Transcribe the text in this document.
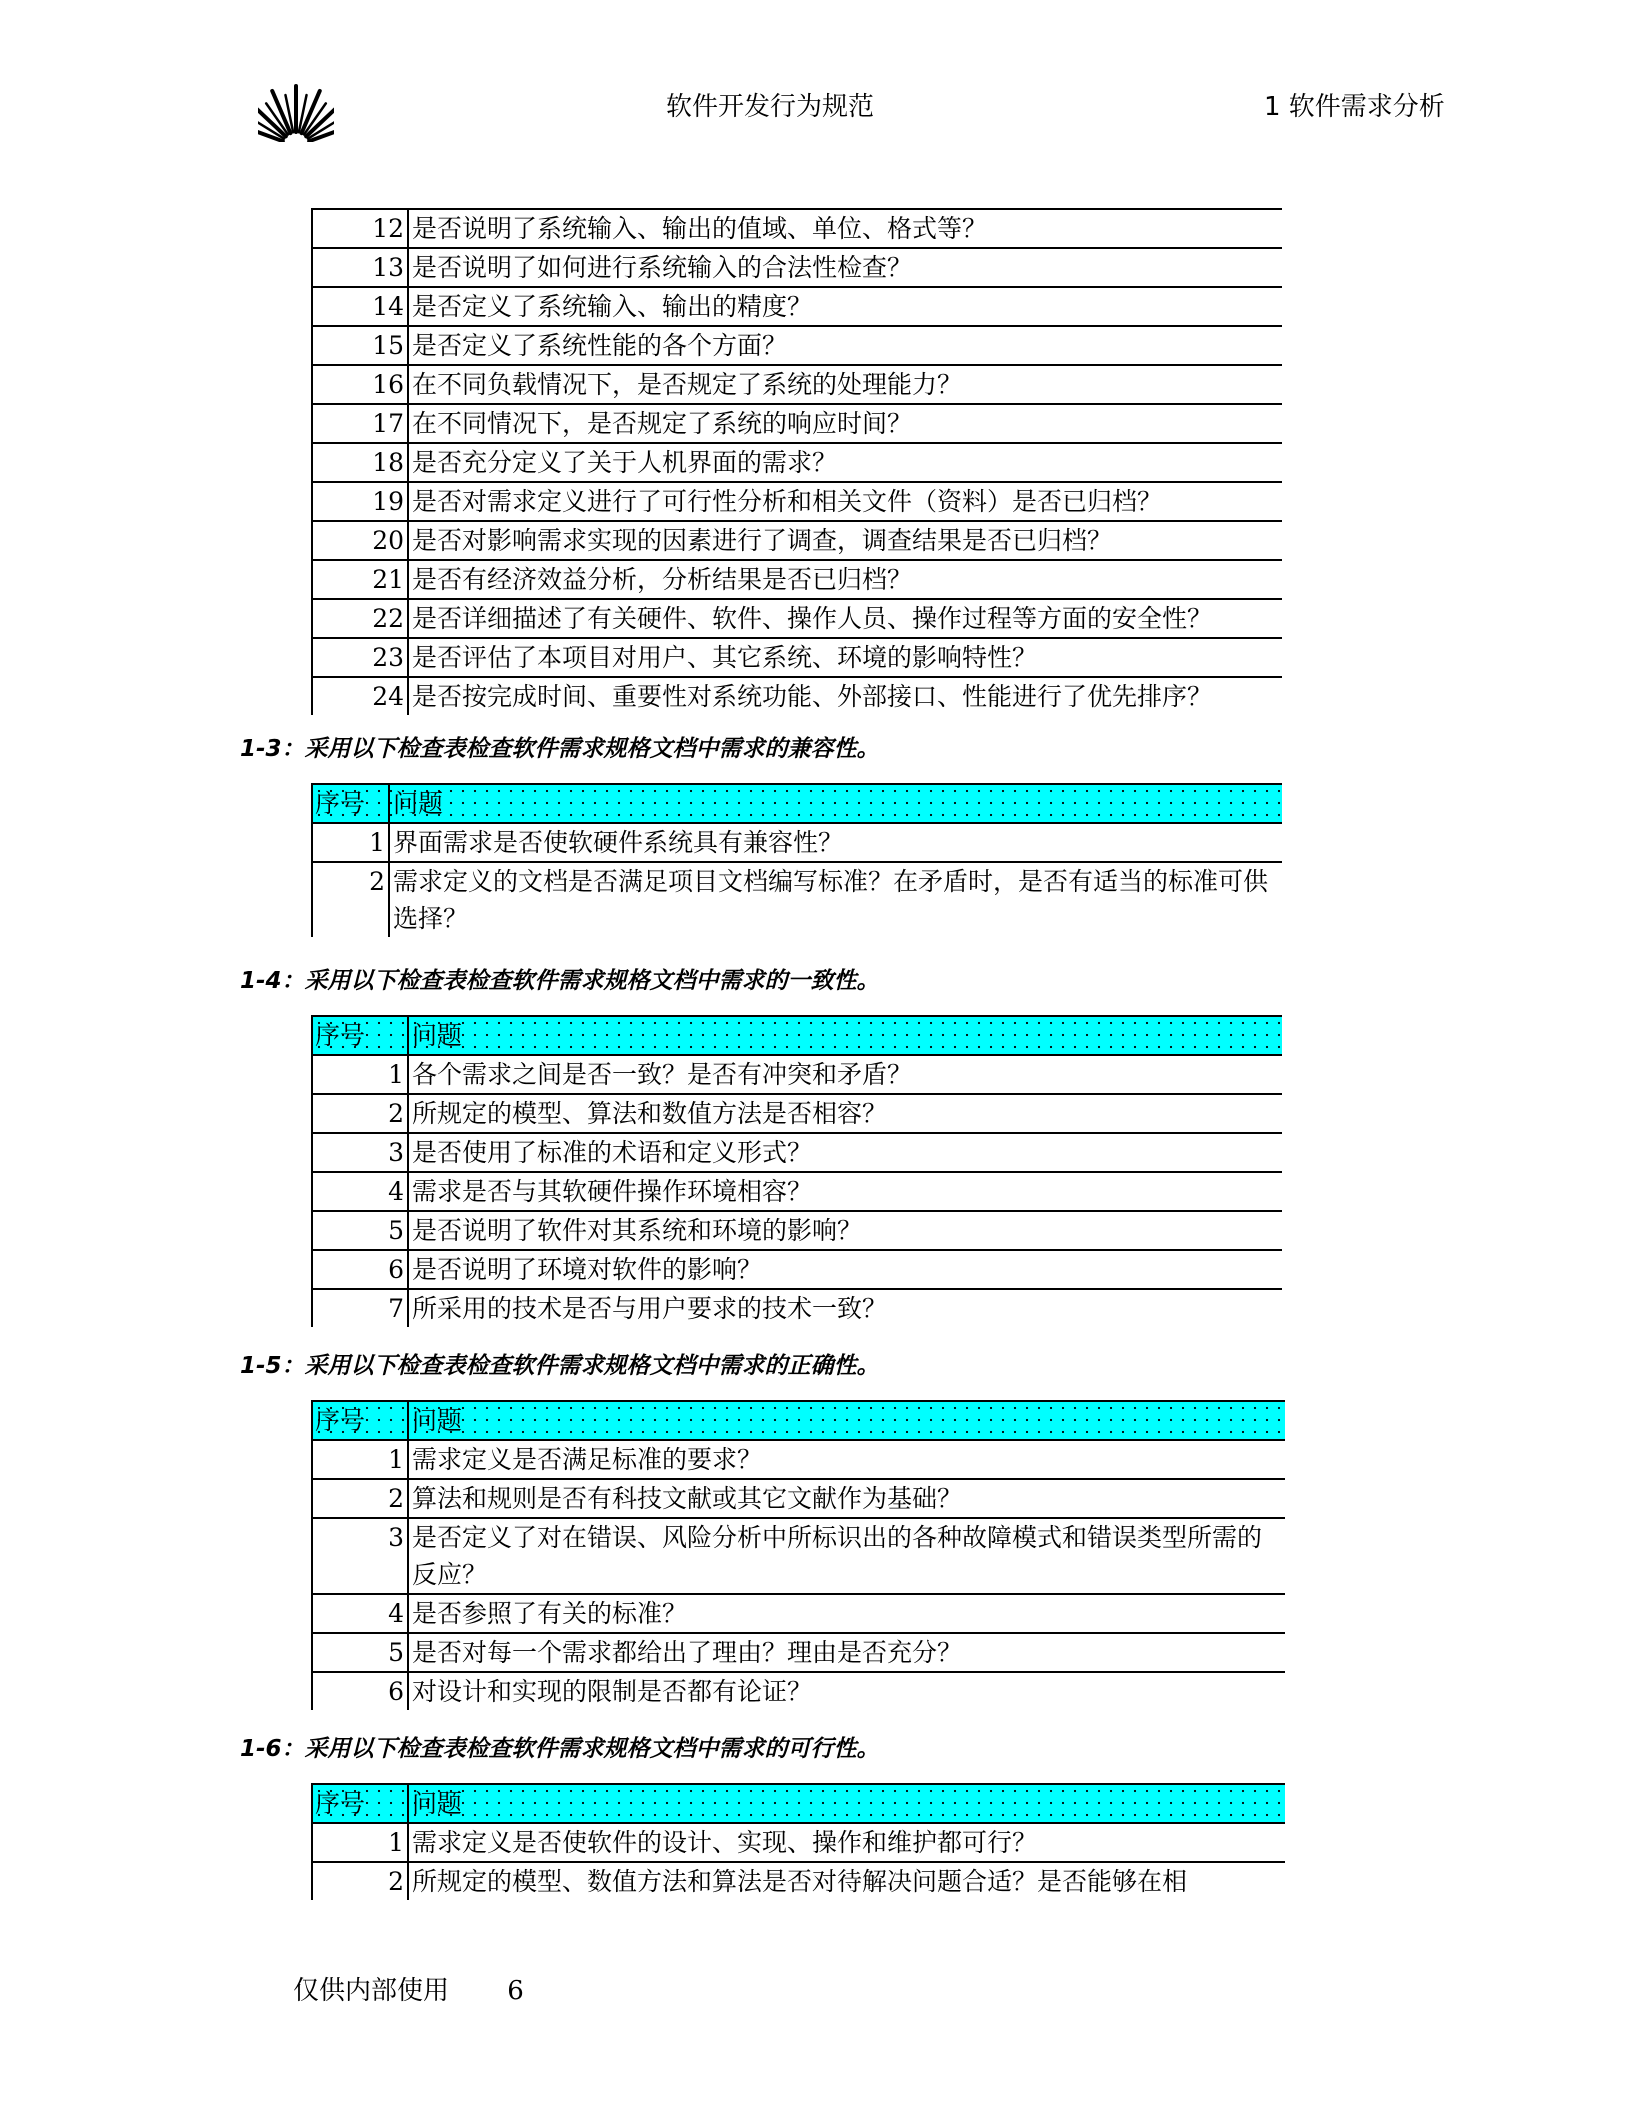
软件开发行为规范	1 软件需求分析
12 是否说明了系统输入、输出的值域、单位、格式等？
13 是否说明了如何进行系统输入的合法性检查？
14 是否定义了系统输入、输出的精度？
15 是否定义了系统性能的各个方面？
16 在不同负载情况下，是否规定了系统的处理能力？
17 在不同情况下，是否规定了系统的响应时间？
18 是否充分定义了关于人机界面的需求？
19 是否对需求定义进行了可行性分析和相关文件（资料）是否已归档？
20 是否对影响需求实现的因素进行了调查，调查结果是否已归档？
21 是否有经济效益分析，分析结果是否已归档？
22 是否详细描述了有关硬件、软件、操作人员、操作过程等方面的安全性？
23 是否评估了本项目对用户、其它系统、环境的影响特性？
24 是否按完成时间、重要性对系统功能、外部接口、性能进行了优先排序？
1-3：采用以下检查表检查软件需求规格文档中需求的兼容性。
序号	问题
1 界面需求是否使软硬件系统具有兼容性？
2 需求定义的文档是否满足项目文档编写标准？在矛盾时，是否有适当的标准可供选择？
1-4：采用以下检查表检查软件需求规格文档中需求的一致性。
序号	问题
1 各个需求之间是否一致？是否有冲突和矛盾？
2 所规定的模型、算法和数值方法是否相容？
3 是否使用了标准的术语和定义形式？
4 需求是否与其软硬件操作环境相容？
5 是否说明了软件对其系统和环境的影响？
6 是否说明了环境对软件的影响？
7 所采用的技术是否与用户要求的技术一致？
1-5：采用以下检查表检查软件需求规格文档中需求的正确性。
序号	问题
1 需求定义是否满足标准的要求？
2 算法和规则是否有科技文献或其它文献作为基础？
3 是否定义了对在错误、风险分析中所标识出的各种故障模式和错误类型所需的反应？
4 是否参照了有关的标准？
5 是否对每一个需求都给出了理由？理由是否充分？
6 对设计和实现的限制是否都有论证？
1-6：采用以下检查表检查软件需求规格文档中需求的可行性。
序号	问题
1 需求定义是否使软件的设计、实现、操作和维护都可行？
2 所规定的模型、数值方法和算法是否对待解决问题合适？是否能够在相
仅供内部使用 6
